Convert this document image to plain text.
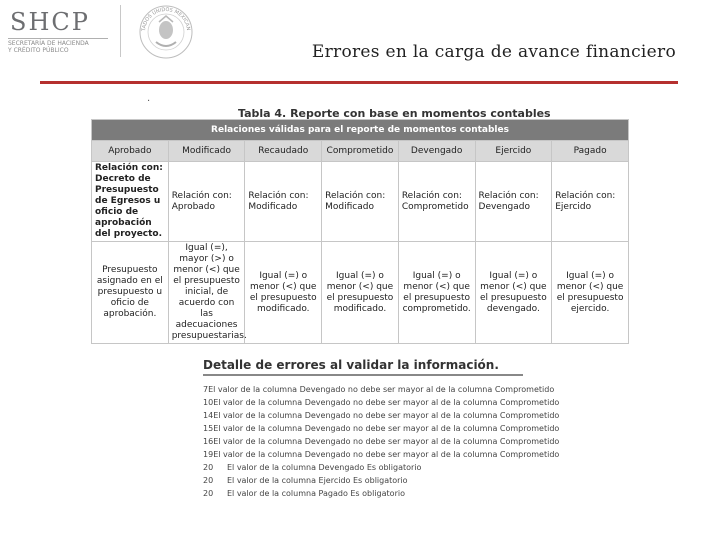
SHCP
SECRETARÍA DE HACIENDA
Y CRÉDITO PÚBLICO
TADOS UNIDOS MEXICAN
Errores en la carga de avance financiero
·
Tabla 4. Reporte con base en momentos contables
Relaciones válidas para el reporte de momentos contables						
Aprobado	Modificado	Recaudado	Comprometido	Devengado	Ejercido	Pagado
Relación con: Decreto de Presupuesto de Egresos u oficio de aprobación del proyecto.	Relación con: Aprobado	Relación con: Modificado	Relación con: Modificado	Relación con: Comprometido	Relación con: Devengado	Relación con: Ejercido
Presupuesto asignado en el presupuesto u oficio de aprobación.	Igual (=), mayor (>) o menor (<) que el presupuesto inicial, de acuerdo con las adecuaciones presupuestarias.	Igual (=) o menor (<) que el presupuesto modificado.	Igual (=) o menor (<) que el presupuesto modificado.	Igual (=) o menor (<) que el presupuesto comprometido.	Igual (=) o menor (<) que el presupuesto devengado.	Igual (=) o menor (<) que el presupuesto ejercido.
Detalle de errores al validar la información.
7 El valor de la columna Devengado no debe ser mayor al de la columna Comprometido
10 El valor de la columna Devengado no debe ser mayor al de la columna Comprometido
14 El valor de la columna Devengado no debe ser mayor al de la columna Comprometido
15 El valor de la columna Devengado no debe ser mayor al de la columna Comprometido
16 El valor de la columna Devengado no debe ser mayor al de la columna Comprometido
19 El valor de la columna Devengado no debe ser mayor al de la columna Comprometido
20	El valor de la columna Devengado Es obligatorio
20	El valor de la columna Ejercido Es obligatorio
20	El valor de la columna Pagado Es obligatorio
